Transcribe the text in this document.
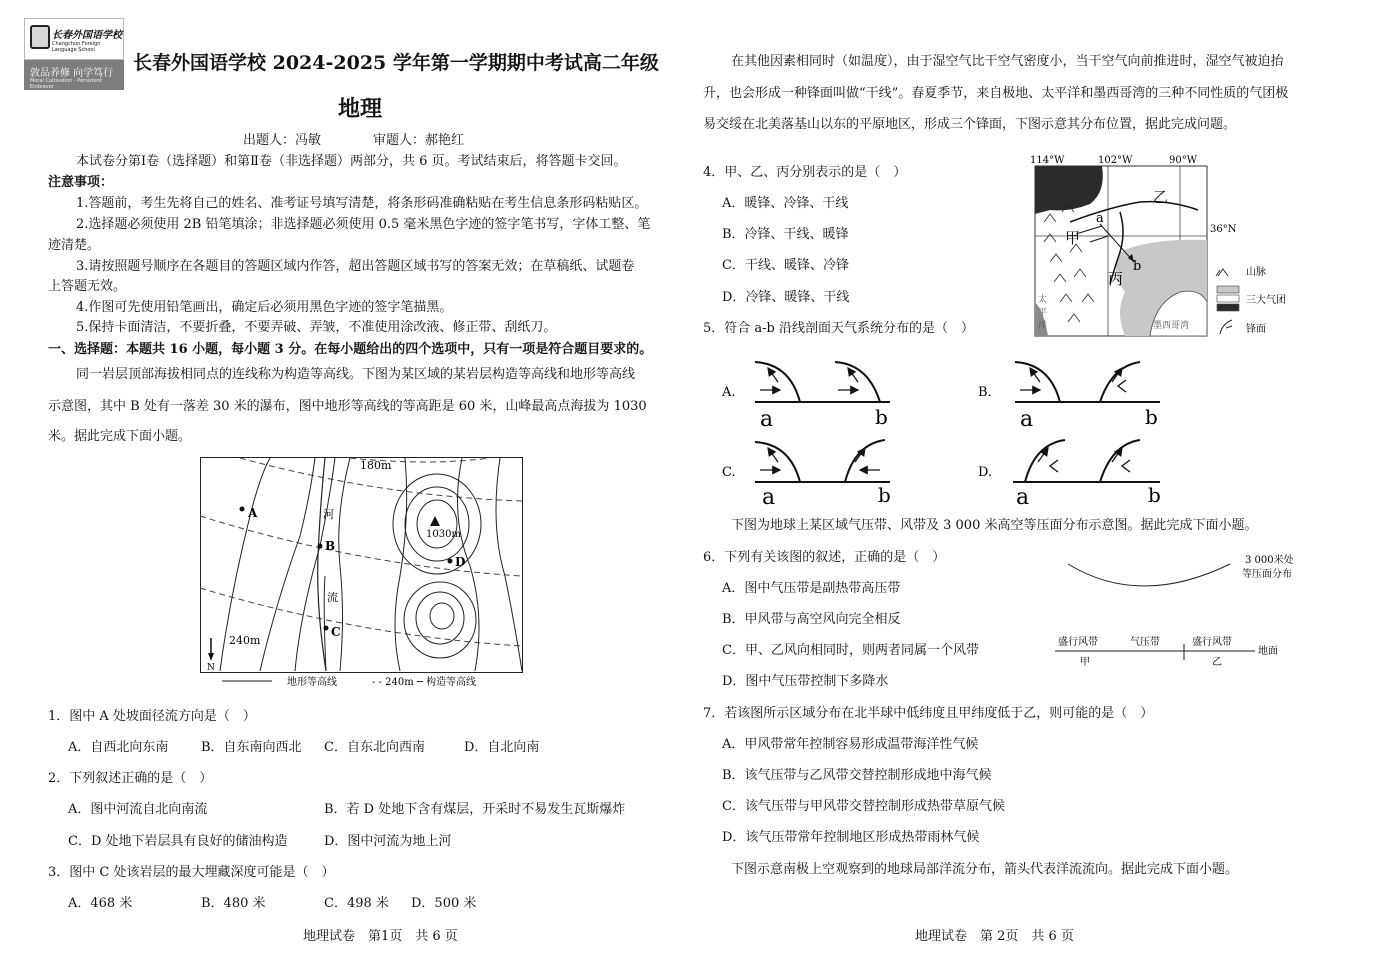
长春外国语学校
Changchun Foreign Language School
敦品养修 向学笃行
Moral Cultivation · Persistent Endeavor
长春外国语学校 2024-2025 学年第一学期期中考试高二年级
地理
出题人：冯敏　　　　审题人：郝艳红
本试卷分第Ⅰ卷（选择题）和第Ⅱ卷（非选择题）两部分，共 6 页。考试结束后，将答题卡交回。
注意事项：
1.答题前，考生先将自己的姓名、准考证号填写清楚，将条形码准确粘贴在考生信息条形码粘贴区。
2.选择题必须使用 2B 铅笔填涂；非选择题必须使用 0.5 毫米黑色字迹的签字笔书写，字体工整、笔
迹清楚。
3.请按照题号顺序在各题目的答题区域内作答，超出答题区域书写的答案无效；在草稿纸、试题卷
上答题无效。
4.作图可先使用铅笔画出，确定后必须用黑色字迹的签字笔描黑。
5.保持卡面清洁，不要折叠，不要弄破、弄皱，不准使用涂改液、修正带、刮纸刀。
一、选择题：本题共 16 小题，每小题 3 分。在每小题给出的四个选项中，只有一项是符合题目要求的。
同一岩层顶部海拔相同点的连线称为构造等高线。下图为某区域的某岩层构造等高线和地形等高线
示意图，其中 B 处有一落差 30 米的瀑布，图中地形等高线的等高距是 60 米，山峰最高点海拔为 1030
米。据此完成下面小题。
1030m
180m
240m
河
流
A
B
C
D
N
地形等高线	- - 240m ─ 构造等高线
1．图中 A 处坡面径流方向是（　）
A．自西北向东南	B．自东南向西北 C．自东北向西南	D．自北向南
2．下列叙述正确的是（　）
A．图中河流自北向南流	B．若 D 处地下含有煤层，开采时不易发生瓦斯爆炸
C．D 处地下岩层具有良好的储油构造	D．图中河流为地上河
3．图中 C 处该岩层的最大埋藏深度可能是（　）
A．468 米	B．480 米	C．498 米 D．500 米
地理试卷　第1页　共 6 页
在其他因素相同时（如温度），由于湿空气比干空气密度小，当干空气向前推进时，湿空气被迫抬
升，也会形成一种锋面叫做“干线”。春夏季节，来自极地、太平洋和墨西哥湾的三种不同性质的气团极
易交绥在北美落基山以东的平原地区，形成三个锋面，下图示意其分布位置，据此完成问题。
4．甲、乙、丙分别表示的是（　）
A．暖锋、冷锋、干线
B．冷锋、干线、暖锋
C．干线、暖锋、冷锋
D．冷锋、暖锋、干线
5．符合 a-b 沿线剖面天气系统分布的是（　）
114°W	102°W	90°W
36°N
墨西哥湾
太
平
洋
a
b
甲
乙
丙	山脉
三大气团
锋面
A.
a	b
B.
a	b
C.
a	b
D.
a	b
下图为地球上某区域气压带、风带及 3 000 米高空等压面分布示意图。据此完成下面小题。
6．下列有关该图的叙述，正确的是（　）
A．图中气压带是副热带高压带
B．甲风带与高空风向完全相反
C．甲、乙风向相同时，则两者同属一个风带
D．图中气压带控制下多降水
3 000米处
等压面分布
盛行风带	气压带	盛行风带
地面
甲	乙
7．若该图所示区域分布在北半球中低纬度且甲纬度低于乙，则可能的是（　）
A．甲风带常年控制容易形成温带海洋性气候
B．该气压带与乙风带交替控制形成地中海气候
C．该气压带与甲风带交替控制形成热带草原气候
D．该气压带常年控制地区形成热带雨林气候
下图示意南极上空观察到的地球局部洋流分布，箭头代表洋流流向。据此完成下面小题。
地理试卷　第 2页　共 6 页
